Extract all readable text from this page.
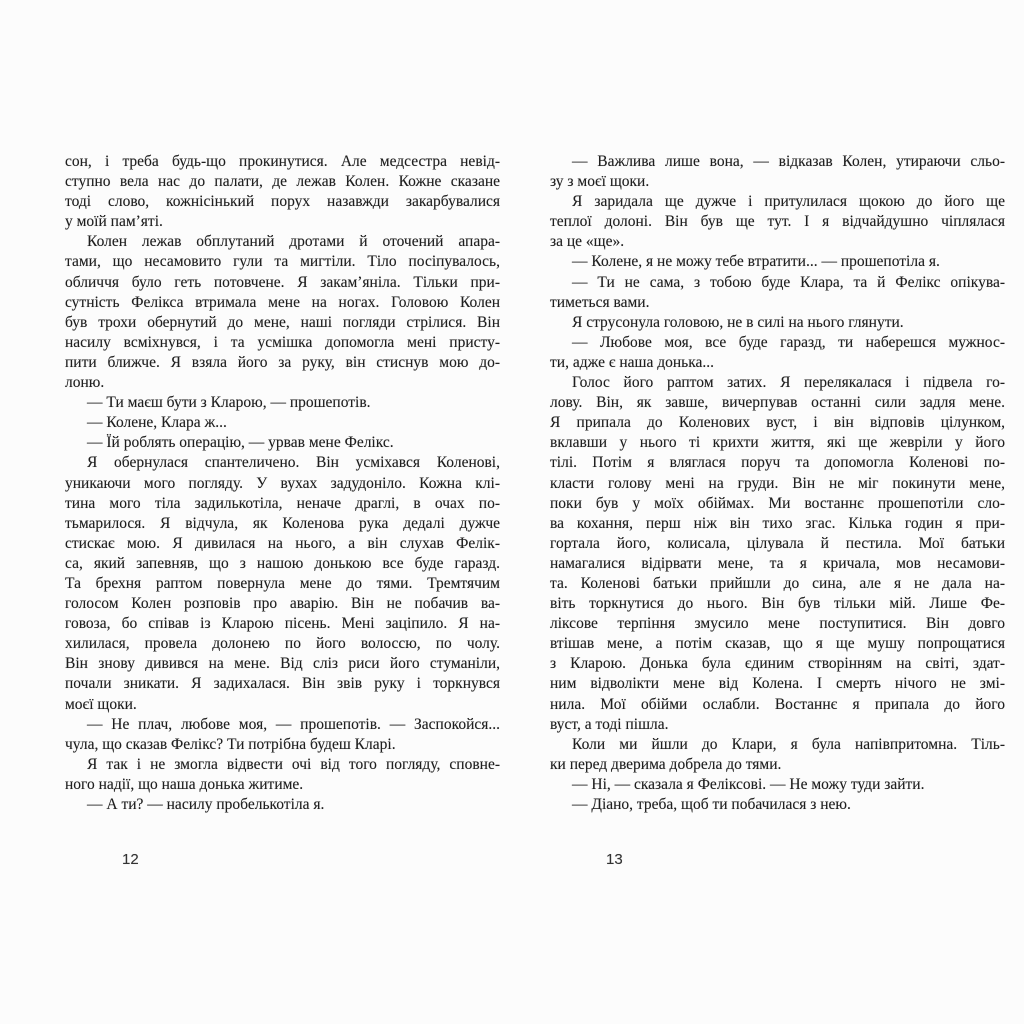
сон, і треба будь-що прокинутися. Але медсестра невід-
ступно вела нас до палати, де лежав Колен. Кожне сказане
тоді слово, кожнісінький порух назавжди закарбувалися
у моїй пам’яті.
Колен лежав обплутаний дротами й оточений апара-
тами, що несамовито гули та мигтіли. Тіло посіпувалось,
обличчя було геть потовчене. Я закам’яніла. Тільки при-
сутність Фелікса втримала мене на ногах. Головою Колен
був трохи обернутий до мене, наші погляди стрілися. Він
насилу всміхнувся, і та усмішка допомогла мені присту-
пити ближче. Я взяла його за руку, він стиснув мою до-
лоню.
— Ти маєш бути з Кларою, — прошепотів.
— Колене, Клара ж...
— Їй роблять операцію, — урвав мене Фелікс.
Я обернулася спантеличено. Він усміхався Коленові,
уникаючи мого погляду. У вухах задудоніло. Кожна клі-
тина мого тіла задилькотіла, неначе драглі, в очах по-
тьмарилося. Я відчула, як Коленова рука дедалі дужче
стискає мою. Я дивилася на нього, а він слухав Фелік-
са, який запевняв, що з нашою донькою все буде гаразд.
Та брехня раптом повернула мене до тями. Тремтячим
голосом Колен розповів про аварію. Він не побачив ва-
говоза, бо співав із Кларою пісень. Мені заціпило. Я на-
хилилася, провела долонею по його волоссю, по чолу.
Він знову дивився на мене. Від сліз риси його стуманіли,
почали зникати. Я задихалася. Він звів руку і торкнувся
моєї щоки.
— Не плач, любове моя, — прошепотів. — Заспокойся...
чула, що сказав Фелікс? Ти потрібна будеш Кларі.
Я так і не змогла відвести очі від того погляду, сповне-
ного надії, що наша донька житиме.
— А ти? — насилу пробелькотіла я.
— Важлива лише вона, — відказав Колен, утираючи сльо-
зу з моєї щоки.
Я заридала ще дужче і притулилася щокою до його ще
теплої долоні. Він був ще тут. І я відчайдушно чіплялася
за це «ще».
— Колене, я не можу тебе втратити... — прошепотіла я.
— Ти не сама, з тобою буде Клара, та й Фелікс опікува-
тиметься вами.
Я струсонула головою, не в силі на нього глянути.
— Любове моя, все буде гаразд, ти наберешся мужнос-
ти, адже є наша донька...
Голос його раптом затих. Я перелякалася і підвела го-
лову. Він, як завше, вичерпував останні сили задля мене.
Я припала до Коленових вуст, і він відповів цілунком,
вклавши у нього ті крихти життя, які ще жевріли у його
тілі. Потім я вляглася поруч та допомогла Коленові по-
класти голову мені на груди. Він не міг покинути мене,
поки був у моїх обіймах. Ми востаннє прошепотіли сло-
ва кохання, перш ніж він тихо згас. Кілька годин я при-
гортала його, колисала, цілувала й пестила. Мої батьки
намагалися відірвати мене, та я кричала, мов несамови-
та. Коленові батьки прийшли до сина, але я не дала на-
віть торкнутися до нього. Він був тільки мій. Лише Фе-
ліксове терпіння змусило мене поступитися. Він довго
втішав мене, а потім сказав, що я ще мушу попрощатися
з Кларою. Донька була єдиним створінням на світі, здат-
ним відволікти мене від Колена. І смерть нічого не змі-
нила. Мої обійми ослабли. Востаннє я припала до його
вуст, а тоді пішла.
Коли ми йшли до Клари, я була напівпритомна. Тіль-
ки перед дверима добрела до тями.
— Ні, — сказала я Феліксові. — Не можу туди зайти.
— Діано, треба, щоб ти побачилася з нею.
12	13
